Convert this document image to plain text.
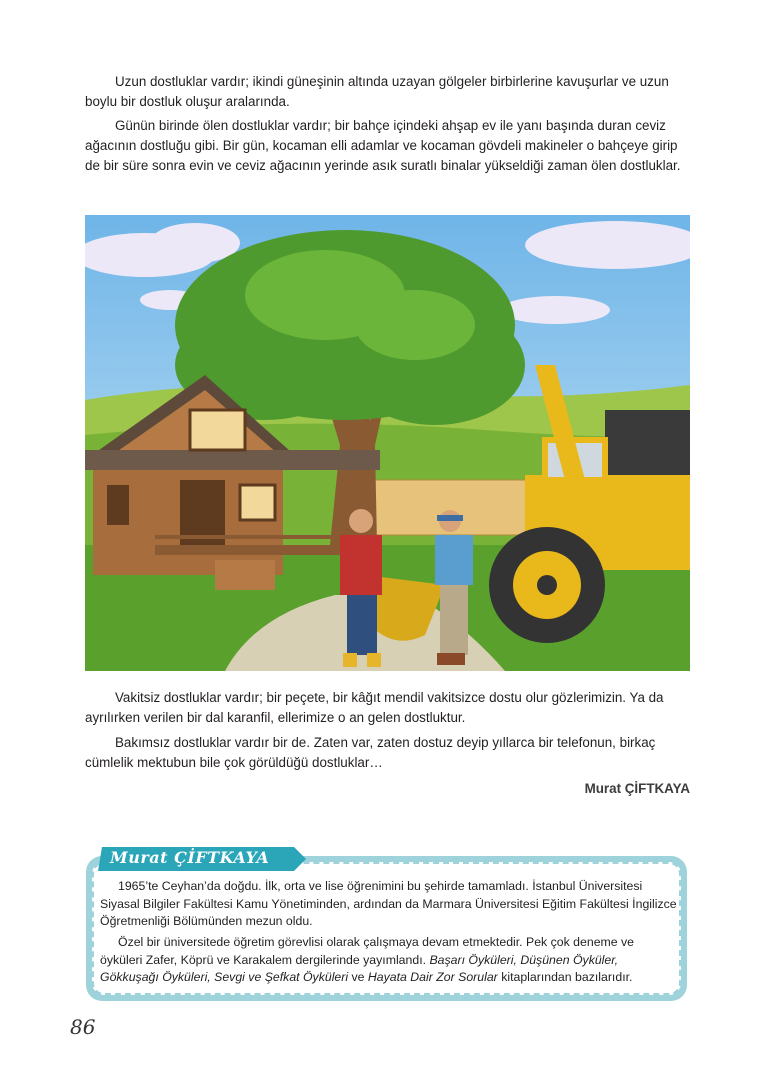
Uzun dostluklar vardır; ikindi güneşinin altında uzayan gölgeler birbirlerine kavuşurlar ve uzun boylu bir dostluk oluşur aralarında.

Günün birinde ölen dostluklar vardır; bir bahçe içindeki ahşap ev ile yanı başında duran ceviz ağacının dostluğu gibi. Bir gün, kocaman elli adamlar ve kocaman gövdeli makineler o bahçeye girip de bir süre sonra evin ve ceviz ağacının yerinde asık suratlı binalar yükseldiği zaman ölen dostluklar.

Vakitsiz dostluklar vardır; bir peçete, bir kâğıt mendil vakitsizce dostu olur gözlerimizin. Ya da ayrılırken verilen bir dal karanfil, ellerimize o an gelen dostluktur.

Bakımsız dostluklar vardır bir de. Zaten var, zaten dostuz deyip yıllarca bir telefonun, birkaç cümlelik mektubun bile çok görüldüğü dostluklar…

Murat ÇİFTKAYA
Murat ÇİFTKAYA

1965’te Ceyhan’da doğdu. İlk, orta ve lise öğrenimini bu şehirde tamamladı. İstanbul Üniversitesi Siyasal Bilgiler Fakültesi Kamu Yönetiminden, ardından da Marmara Üniversitesi Eğitim Fakültesi İngilizce Öğretmenliği Bölümünden mezun oldu.

Özel bir üniversitede öğretim görevlisi olarak çalışmaya devam etmektedir. Pek çok deneme ve öyküleri Zafer, Köprü ve Karakalem dergilerinde yayımlandı. Başarı Öyküleri, Düşünen Öyküler, Gökkuşağı Öyküleri, Sevgi ve Şefkat Öyküleri ve Hayata Dair Zor Sorular kitaplarından bazılarıdır.

86
